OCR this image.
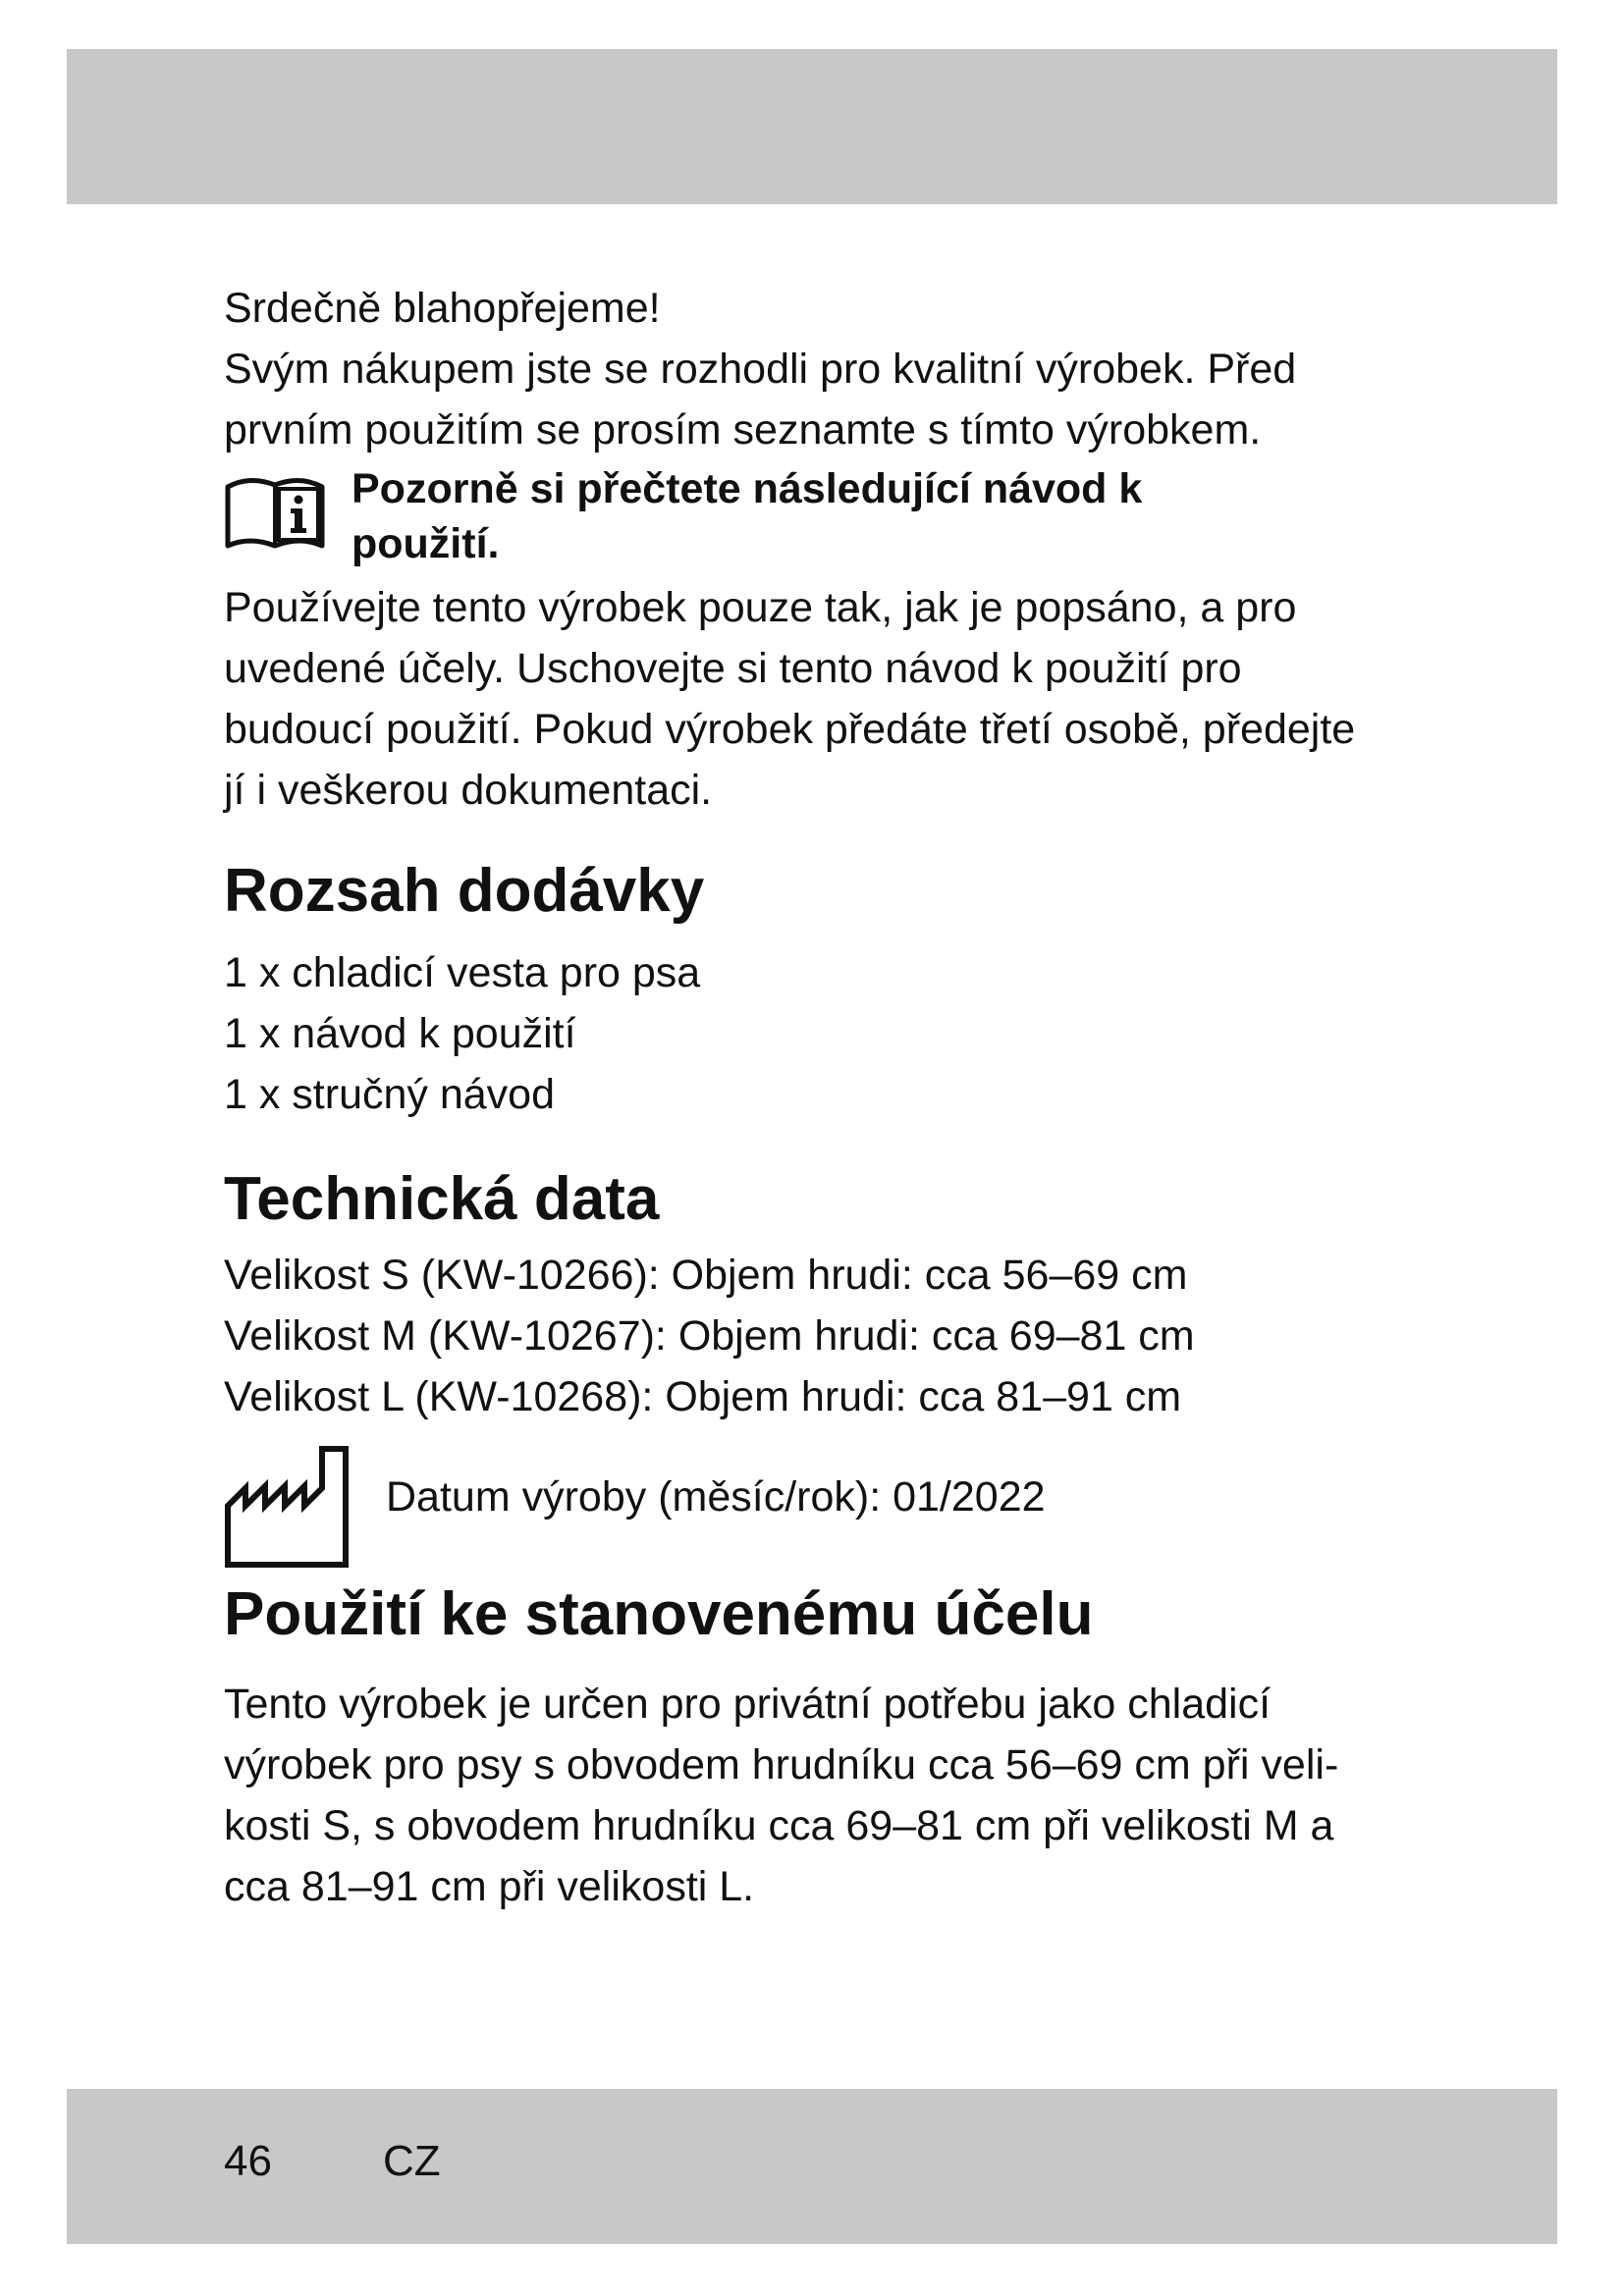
Srdečně blahopřejeme!

Svým nákupem jste se rozhodli pro kvalitní výrobek. Před

prvním použitím se prosím seznamte s tímto výrobkem.

Pozorně si přečtete následující návod k
použití.

Používejte tento výrobek pouze tak, jak je popsáno, a pro

uvedené účely. Uschovejte si tento návod k použití pro

budoucí použití. Pokud výrobek předáte třetí osobě, předejte

jí i veškerou dokumentaci.

Rozsah dodávky
1 x chladicí vesta pro psa
1 x návod k použití
1 x stručný návod
Technická data
Velikost S (KW-10266): Objem hrudi: cca 56–69 cm
Velikost M (KW-10267): Objem hrudi: cca 69–81 cm
Velikost L (KW-10268): Objem hrudi: cca 81–91 cm
Datum výroby (měsíc/rok): 01/2022
Použití ke stanovenému účelu

Tento výrobek je určen pro privátní potřebu jako chladicí

výrobek pro psy s obvodem hrudníku cca 56–69 cm při veli-

kosti S, s obvodem hrudníku cca 69–81 cm při velikosti M a

cca 81–91 cm při velikosti L.

46	CZ
